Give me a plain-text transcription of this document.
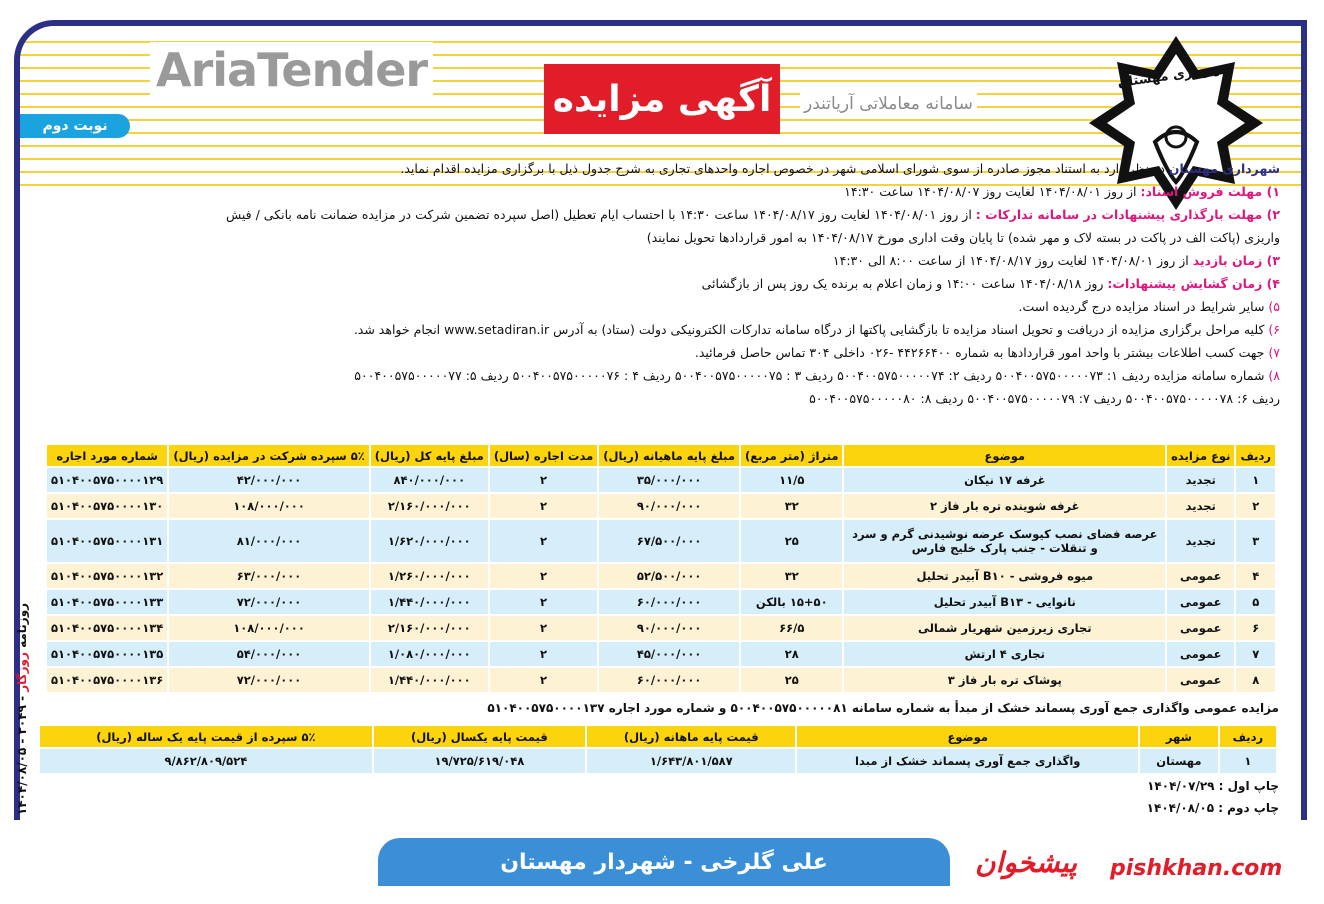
AriaTender
سامانه معاملاتی آریاتندر
آگهی مزایده
نوبت دوم
شهرداری مهستان

شهرداری مهستان در نظر دارد به استناد مجوز صادره از سوی شورای اسلامی شهر در خصوص اجاره واحدهای تجاری به شرح جدول ذیل با برگزاری مزایده اقدام نماید.

۱) مهلت فروش اسناد: از روز ۱۴۰۴/۰۸/۰۱ لغایت روز ۱۴۰۴/۰۸/۰۷ ساعت ۱۴:۳۰

۲) مهلت بارگذاری پیشنهادات در سامانه تدارکات : از روز ۱۴۰۴/۰۸/۰۱ لغایت روز ۱۴۰۴/۰۸/۱۷ ساعت ۱۴:۳۰ با احتساب ایام تعطیل (اصل سپرده تضمین شرکت در مزایده ضمانت نامه بانکی / فیش

واریزی (پاکت الف در پاکت در بسته لاک و مهر شده) تا پایان وقت اداری مورخ ۱۴۰۴/۰۸/۱۷ به امور قراردادها تحویل نمایند)

۳) زمان بازدید از روز ۱۴۰۴/۰۸/۰۱ لغایت روز ۱۴۰۴/۰۸/۱۷ از ساعت ۸:۰۰ الی ۱۴:۳۰

۴) زمان گشایش پیشنهادات: روز ۱۴۰۴/۰۸/۱۸ ساعت ۱۴:۰۰ و زمان اعلام به برنده یک روز پس از بازگشائی

۵) سایر شرایط در اسناد مزایده درج گردیده است.

۶) کلیه مراحل برگزاری مزایده از دریافت و تحویل اسناد مزایده تا بازگشایی پاکتها از درگاه سامانه تدارکات الکترونیکی دولت (ستاد) به آدرس www.setadiran.ir انجام خواهد شد.

۷) جهت کسب اطلاعات بیشتر با واحد امور قراردادها به شماره ۴۴۲۶۶۴۰۰ -۰۲۶ داخلی ۳۰۴ تماس حاصل فرمائید.

۸) شماره سامانه مزایده ردیف ۱: ۵۰۰۴۰۰۵۷۵۰۰۰۰۰۷۳ ردیف ۲: ۵۰۰۴۰۰۵۷۵۰۰۰۰۰۷۴ ردیف ۳ : ۵۰۰۴۰۰۵۷۵۰۰۰۰۰۷۵ ردیف ۴ : ۵۰۰۴۰۰۵۷۵۰۰۰۰۰۷۶ ردیف ۵: ۵۰۰۴۰۰۵۷۵۰۰۰۰۰۷۷

ردیف ۶: ۵۰۰۴۰۰۵۷۵۰۰۰۰۰۷۸ ردیف ۷: ۵۰۰۴۰۰۵۷۵۰۰۰۰۰۷۹ ردیف ۸: ۵۰۰۴۰۰۵۷۵۰۰۰۰۰۸۰

ردیف	نوع مزایده	موضوع	متراژ (متر مربع)	مبلغ پایه ماهیانه (ریال)	مدت اجاره (سال)	مبلغ پایه کل (ریال)	۵٪ سپرده شرکت در مزایده (ریال)	شماره مورد اجاره
۱	تجدید	غرفه ۱۷ نیکان	۱۱/۵	۳۵/۰۰۰/۰۰۰	۲	۸۴۰/۰۰۰/۰۰۰	۴۲/۰۰۰/۰۰۰	۵۱۰۴۰۰۵۷۵۰۰۰۰۱۲۹
۲	تجدید	غرفه شوینده تره بار فاز ۲	۳۲	۹۰/۰۰۰/۰۰۰	۲	۲/۱۶۰/۰۰۰/۰۰۰	۱۰۸/۰۰۰/۰۰۰	۵۱۰۴۰۰۵۷۵۰۰۰۰۱۳۰
۳	تجدید	عرصه فضای نصب کیوسک عرضه نوشیدنی گرم و سرد و تنقلات - جنب پارک خلیج فارس	۲۵	۶۷/۵۰۰/۰۰۰	۲	۱/۶۲۰/۰۰۰/۰۰۰	۸۱/۰۰۰/۰۰۰	۵۱۰۴۰۰۵۷۵۰۰۰۰۱۳۱
۴	عمومی	میوه فروشی - B۱۰ آبیدر تحلیل	۳۲	۵۲/۵۰۰/۰۰۰	۲	۱/۲۶۰/۰۰۰/۰۰۰	۶۳/۰۰۰/۰۰۰	۵۱۰۴۰۰۵۷۵۰۰۰۰۱۳۲
۵	عمومی	نانوایی - B۱۳ آبیدر تحلیل	۱۵+۵۰ بالکن	۶۰/۰۰۰/۰۰۰	۲	۱/۴۴۰/۰۰۰/۰۰۰	۷۲/۰۰۰/۰۰۰	۵۱۰۴۰۰۵۷۵۰۰۰۰۱۳۳
۶	عمومی	تجاری زیرزمین شهریار شمالی	۶۶/۵	۹۰/۰۰۰/۰۰۰	۲	۲/۱۶۰/۰۰۰/۰۰۰	۱۰۸/۰۰۰/۰۰۰	۵۱۰۴۰۰۵۷۵۰۰۰۰۱۳۴
۷	عمومی	تجاری ۴ ارتش	۲۸	۴۵/۰۰۰/۰۰۰	۲	۱/۰۸۰/۰۰۰/۰۰۰	۵۴/۰۰۰/۰۰۰	۵۱۰۴۰۰۵۷۵۰۰۰۰۱۳۵
۸	عمومی	پوشاک تره بار فاز ۳	۲۵	۶۰/۰۰۰/۰۰۰	۲	۱/۴۴۰/۰۰۰/۰۰۰	۷۲/۰۰۰/۰۰۰	۵۱۰۴۰۰۵۷۵۰۰۰۰۱۳۶
مزایده عمومی واگذاری جمع آوری پسماند خشک از مبدأ به شماره سامانه ۵۰۰۴۰۰۵۷۵۰۰۰۰۰۸۱ و شماره مورد اجاره ۵۱۰۴۰۰۵۷۵۰۰۰۰۱۳۷
ردیف	شهر	موضوع	قیمت پایه ماهانه (ریال)	قیمت پایه یکسال (ریال)	۵٪ سپرده از قیمت پایه یک ساله (ریال)
۱	مهستان	واگذاری جمع آوری پسماند خشک از مبدا	۱/۶۴۳/۸۰۱/۵۸۷	۱۹/۷۲۵/۶۱۹/۰۴۸	۹/۸۶۲/۸۰۹/۵۲۴
چاپ اول : ۱۴۰۴/۰۷/۲۹
چاپ دوم : ۱۴۰۴/۰۸/۰۵
علی گلرخی - شهردار مهستان	پیشخوان pishkhan.com
روزنامه روزگار - ۳۰۴۹ - ۱۴۰۴/۰۸/۰۵
